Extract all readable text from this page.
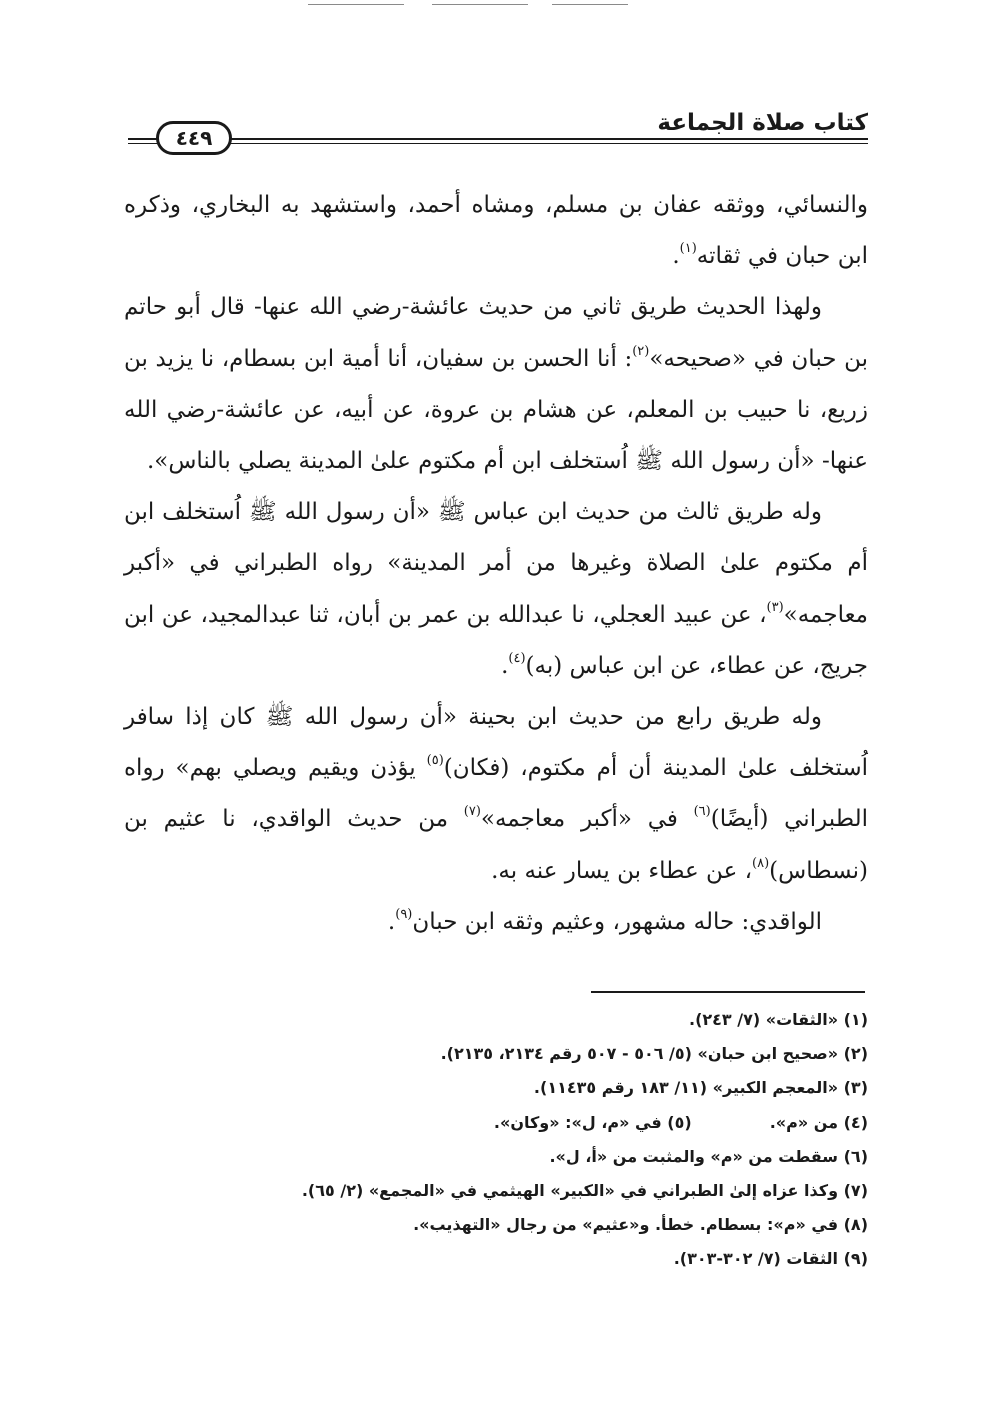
كتاب صلاة الجماعة
٤٤٩

والنسائي، ووثقه عفان بن مسلم، ومشاه أحمد، واستشهد به البخاري، وذكره ابن حبان في ثقاته$^{(١)}$.

ولهذا الحديث طريق ثاني من حديث عائشة-رضي الله عنها- قال أبو حاتم بن حبان في «صحيحه»$^{(٢)}$: أنا الحسن بن سفيان، أنا أمية ابن بسطام، نا يزيد بن زريع، نا حبيب بن المعلم، عن هشام بن عروة، عن أبيه، عن عائشة-رضي الله عنها- «أن رسول الله ﷺ اُستخلف ابن أم مكتوم علىٰ المدينة يصلي بالناس».

وله طريق ثالث من حديث ابن عباس ﷺ «أن رسول الله ﷺ اُستخلف ابن أم مكتوم علىٰ الصلاة وغيرها من أمر المدينة» رواه الطبراني في «أكبر معاجمه»$^{(٣)}$، عن عبيد العجلي، نا عبدالله بن عمر بن أبان، ثنا عبدالمجيد، عن ابن جريج، عن عطاء، عن ابن عباس (به)$^{(٤)}$.

وله طريق رابع من حديث ابن بحينة «أن رسول الله ﷺ كان إذا سافر اُستخلف علىٰ المدينة أن أم مكتوم، (فكان)$^{(٥)}$ يؤذن ويقيم ويصلي بهم» رواه الطبراني (أيضًا)$^{(٦)}$ في «أكبر معاجمه»$^{(٧)}$ من حديث الواقدي، نا عثيم بن (نسطاس)$^{(٨)}$، عن عطاء بن يسار عنه به.

الواقدي: حاله مشهور، وعثيم وثقه ابن حبان$^{(٩)}$.

(١) «الثقات» (٧/ ٢٤٣).
(٢) «صحيح ابن حبان» (٥/ ٥٠٦ - ٥٠٧ رقم ٢١٣٤، ٢١٣٥).
(٣) «المعجم الكبير» (١١/ ١٨٣ رقم ١١٤٣٥).
(٤) من «م».(٥) في «م، ل»: «وكان».
(٦) سقطت من «م» والمثبت من «أ، ل».
(٧) وكذا عزاه إلىٰ الطبراني في «الكبير» الهيثمي في «المجمع» (٢/ ٦٥).
(٨) في «م»: بسطام. خطأ. و«عثيم» من رجال «التهذيب».
(٩) الثقات (٧/ ٣٠٢-٣٠٣).
